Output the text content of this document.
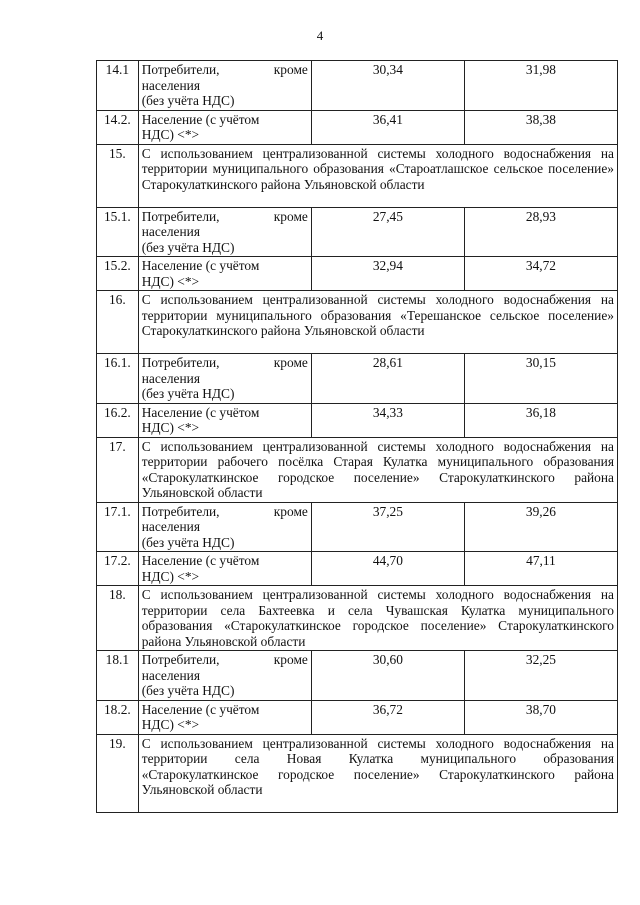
4
14.1	Потребители, кроме
населения
(без учёта НДС)	30,34	31,98
14.2.	Население (с учётом
НДС) <*>	36,41	38,38
15.	С использованием централизованной системы холодного водоснабжения на территории муниципального образования «Староатлашское сельское поселение» Старокулаткинского района Ульяновской области		
15.1.	Потребители, кроме
населения
(без учёта НДС)	27,45	28,93
15.2.	Население (с учётом
НДС) <*>	32,94	34,72
16.	С использованием централизованной системы холодного водоснабжения на территории муниципального образования «Терешанское сельское поселение» Старокулаткинского района Ульяновской области		
16.1.	Потребители, кроме
населения
(без учёта НДС)	28,61	30,15
16.2.	Население (с учётом
НДС) <*>	34,33	36,18
17.	С использованием централизованной системы холодного водоснабжения на территории рабочего посёлка Старая Кулатка муниципального образования «Старокулаткинское городское поселение» Старокулаткинского района Ульяновской области		
17.1.	Потребители, кроме
населения
(без учёта НДС)	37,25	39,26
17.2.	Население (с учётом
НДС) <*>	44,70	47,11
18.	С использованием централизованной системы холодного водоснабжения на территории села Бахтеевка и села Чувашская Кулатка муниципального образования «Старокулаткинское городское поселение» Старокулаткинского района Ульяновской области		
18.1	Потребители, кроме
населения
(без учёта НДС)	30,60	32,25
18.2.	Население (с учётом
НДС) <*>	36,72	38,70
19.	С использованием централизованной системы холодного водоснабжения на территории села Новая Кулатка муниципального образования «Старокулаткинское городское поселение» Старокулаткинского района Ульяновской области		
